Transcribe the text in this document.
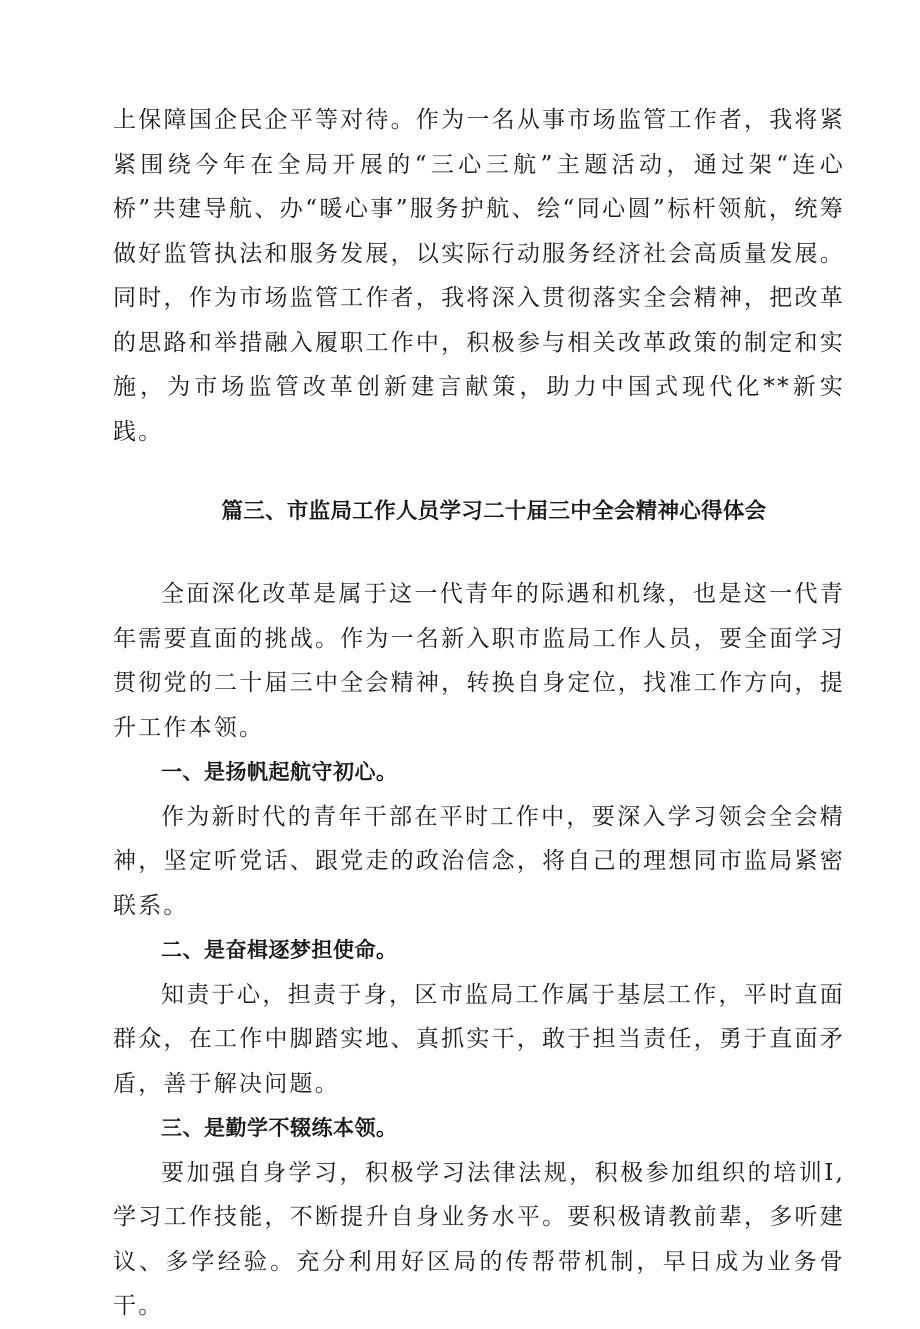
上保障国企民企平等对待。作为一名从事市场监管工作者，我将紧紧围绕今年在全局开展的“三心三航”主题活动，通过架“连心桥”共建导航、办“暖心事”服务护航、绘“同心圆”标杆领航，统筹做好监管执法和服务发展，以实际行动服务经济社会高质量发展。同时，作为市场监管工作者，我将深入贯彻落实全会精神，把改革的思路和举措融入履职工作中，积极参与相关改革政策的制定和实施，为市场监管改革创新建言献策，助力中国式现代化**新实践。

篇三、市监局工作人员学习二十届三中全会精神心得体会

全面深化改革是属于这一代青年的际遇和机缘，也是这一代青年需要直面的挑战。作为一名新入职市监局工作人员，要全面学习贯彻党的二十届三中全会精神，转换自身定位，找准工作方向，提升工作本领。

一、是扬帆起航守初心。

作为新时代的青年干部在平时工作中，要深入学习领会全会精神，坚定听党话、跟党走的政治信念，将自己的理想同市监局紧密联系。

二、是奋楫逐梦担使命。

知责于心，担责于身，区市监局工作属于基层工作，平时直面群众，在工作中脚踏实地、真抓实干，敢于担当责任，勇于直面矛盾，善于解决问题。

三、是勤学不辍练本领。

要加强自身学习，积极学习法律法规，积极参加组织的培训I,学习工作技能，不断提升自身业务水平。要积极请教前辈，多听建议、多学经验。充分利用好区局的传帮带机制，早日成为业务骨干。
